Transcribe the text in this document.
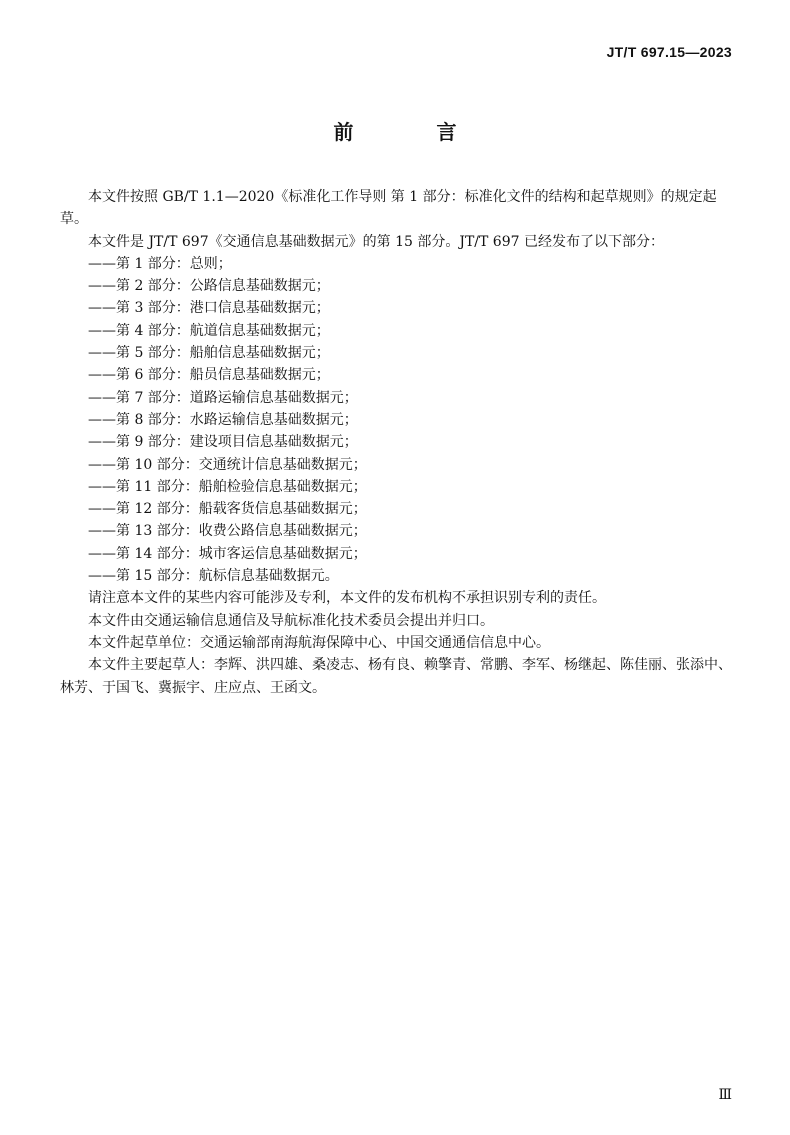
JT/T 697.15—2023
前 言

本文件按照 GB/T 1.1—2020《标准化工作导则 第 1 部分：标准化文件的结构和起草规则》的规定起草。

本文件是 JT/T 697《交通信息基础数据元》的第 15 部分。JT/T 697 已经发布了以下部分：

——第 1 部分：总则；

——第 2 部分：公路信息基础数据元；

——第 3 部分：港口信息基础数据元；

——第 4 部分：航道信息基础数据元；

——第 5 部分：船舶信息基础数据元；

——第 6 部分：船员信息基础数据元；

——第 7 部分：道路运输信息基础数据元；

——第 8 部分：水路运输信息基础数据元；

——第 9 部分：建设项目信息基础数据元；

——第 10 部分：交通统计信息基础数据元；

——第 11 部分：船舶检验信息基础数据元；

——第 12 部分：船载客货信息基础数据元；

——第 13 部分：收费公路信息基础数据元；

——第 14 部分：城市客运信息基础数据元；

——第 15 部分：航标信息基础数据元。

请注意本文件的某些内容可能涉及专利，本文件的发布机构不承担识别专利的责任。

本文件由交通运输信息通信及导航标准化技术委员会提出并归口。

本文件起草单位：交通运输部南海航海保障中心、中国交通通信信息中心。

本文件主要起草人：李辉、洪四雄、桑凌志、杨有良、赖擎青、常鹏、李军、杨继起、陈佳丽、张添中、林芳、于国飞、冀振宇、庄应点、王函文。

Ⅲ
